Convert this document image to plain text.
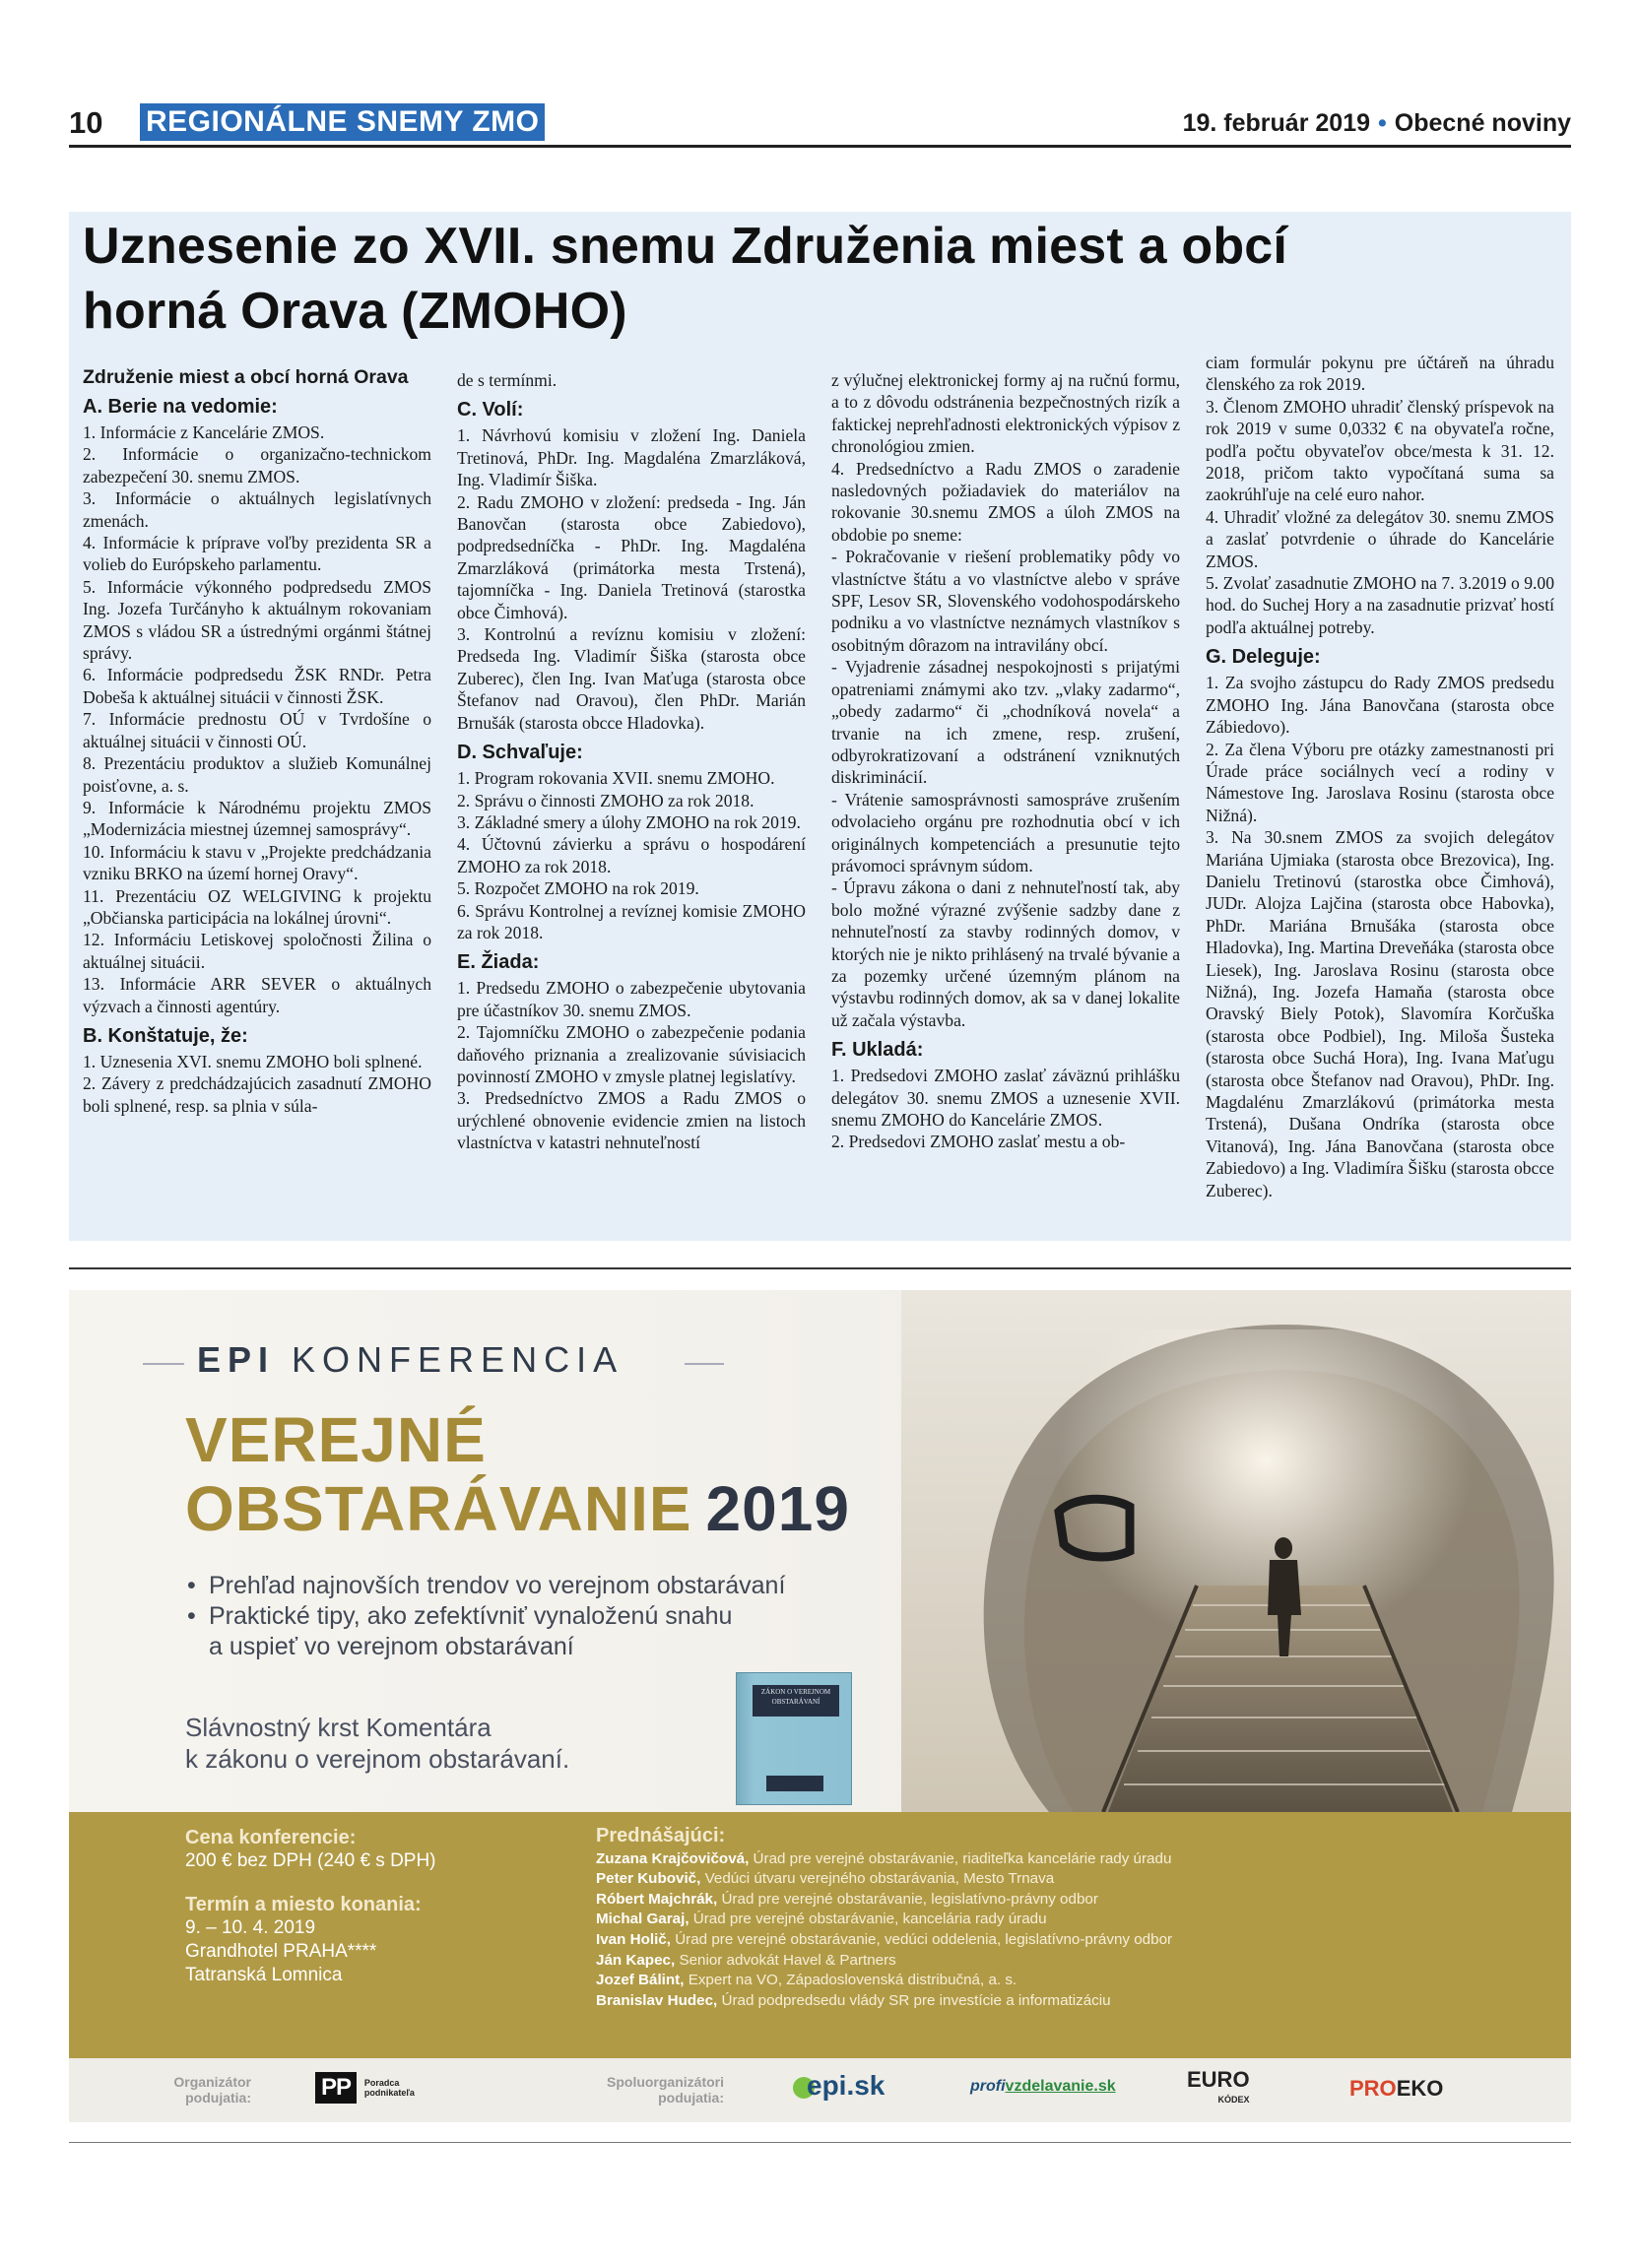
10 REGIONÁLNE SNEMY ZMO	19. február 2019 • Obecné noviny
Uznesenie zo XVII. snemu Združenia miest a obcí
horná Orava (ZMOHO)
Združenie miest a obcí horná Orava
A. Berie na vedomie:

1. Informácie z Kancelárie ZMOS.

2. Informácie o organizačno-technickom zabezpečení 30. snemu ZMOS.

3. Informácie o aktuálnych legislatívnych zmenách.

4. Informácie k príprave voľby prezidenta SR a volieb do Európskeho parlamentu.

5. Informácie výkonného podpredsedu ZMOS Ing. Jozefa Turčányho k aktuálnym rokovaniam ZMOS s vládou SR a ústrednými orgánmi štátnej správy.

6. Informácie podpredsedu ŽSK RNDr. Petra Dobeša k aktuálnej situácii v činnosti ŽSK.

7. Informácie prednostu OÚ v Tvrdošíne o aktuálnej situácii v činnosti OÚ.

8. Prezentáciu produktov a služieb Komunálnej poisťovne, a. s.

9. Informácie k Národnému projektu ZMOS „Modernizácia miestnej územnej samosprávy“.

10. Informáciu k stavu v „Projekte predchádzania vzniku BRKO na území hornej Oravy“.

11. Prezentáciu OZ WELGIVING k projektu „Občianska participácia na lokálnej úrovni“.

12. Informáciu Letiskovej spoločnosti Žilina o aktuálnej situácii.

13. Informácie ARR SEVER o aktuálnych výzvach a činnosti agentúry.

B. Konštatuje, že:

1. Uznesenia XVI. snemu ZMOHO boli splnené.

2. Závery z predchádzajúcich zasadnutí ZMOHO boli splnené, resp. sa plnia v súla-

de s termínmi.

C. Volí:

1. Návrhovú komisiu v zložení Ing. Daniela Tretinová, PhDr. Ing. Magdaléna Zmarzláková, Ing. Vladimír Šiška.

2. Radu ZMOHO v zložení: predseda - Ing. Ján Banovčan (starosta obce Zabiedovo), podpredsedníčka - PhDr. Ing. Magdaléna Zmarzláková (primátorka mesta Trstená), tajomníčka - Ing. Daniela Tretinová (starostka obce Čimhová).

3. Kontrolnú a revíznu komisiu v zložení: Predseda Ing. Vladimír Šiška (starosta obce Zuberec), člen Ing. Ivan Maťuga (starosta obce Štefanov nad Oravou), člen PhDr. Marián Brnušák (starosta obcce Hladovka).

D. Schvaľuje:

1. Program rokovania XVII. snemu ZMOHO.

2. Správu o činnosti ZMOHO za rok 2018.

3. Základné smery a úlohy ZMOHO na rok 2019.

4. Účtovnú závierku a správu o hospodárení ZMOHO za rok 2018.

5. Rozpočet ZMOHO na rok 2019.

6. Správu Kontrolnej a revíznej komisie ZMOHO za rok 2018.

E. Žiada:

1. Predsedu ZMOHO o zabezpečenie ubytovania pre účastníkov 30. snemu ZMOS.

2. Tajomníčku ZMOHO o zabezpečenie podania daňového priznania a zrealizovanie súvisiacich povinností ZMOHO v zmysle platnej legislatívy.

3. Predsedníctvo ZMOS a Radu ZMOS o urýchlené obnovenie evidencie zmien na listoch vlastníctva v katastri nehnuteľností

z výlučnej elektronickej formy aj na ručnú formu, a to z dôvodu odstránenia bezpečnostných rizík a faktickej neprehľadnosti elektronických výpisov z chronológiou zmien.

4. Predsedníctvo a Radu ZMOS o zaradenie nasledovných požiadaviek do materiálov na rokovanie 30.snemu ZMOS a úloh ZMOS na obdobie po sneme:

- Pokračovanie v riešení problematiky pôdy vo vlastníctve štátu a vo vlastníctve alebo v správe SPF, Lesov SR, Slovenského vodohospodárskeho podniku a vo vlastníctve neznámych vlastníkov s osobitným dôrazom na intravilány obcí.

- Vyjadrenie zásadnej nespokojnosti s prijatými opatreniami známymi ako tzv. „vlaky zadarmo“, „obedy zadarmo“ či „chodníková novela“ a trvanie na ich zmene, resp. zrušení, odbyrokratizovaní a odstránení vzniknutých diskriminácií.

- Vrátenie samosprávnosti samospráve zrušením odvolacieho orgánu pre rozhodnutia obcí v ich originálnych kompetenciách a presunutie tejto právomoci správnym súdom.

- Úpravu zákona o dani z nehnuteľností tak, aby bolo možné výrazné zvýšenie sadzby dane z nehnuteľností za stavby rodinných domov, v ktorých nie je nikto prihlásený na trvalé bývanie a za pozemky určené územným plánom na výstavbu rodinných domov, ak sa v danej lokalite už začala výstavba.

F. Ukladá:

1. Predsedovi ZMOHO zaslať záväznú prihlášku delegátov 30. snemu ZMOS a uznesenie XVII. snemu ZMOHO do Kancelárie ZMOS.

2. Predsedovi ZMOHO zaslať mestu a ob-

ciam formulár pokynu pre účtáreň na úhradu členského za rok 2019.

3. Členom ZMOHO uhradiť členský príspevok na rok 2019 v sume 0,0332 € na obyvateľa ročne, podľa počtu obyvateľov obce/mesta k 31. 12. 2018, pričom takto vypočítaná suma sa zaokrúhľuje na celé euro nahor.

4. Uhradiť vložné za delegátov 30. snemu ZMOS a zaslať potvrdenie o úhrade do Kancelárie ZMOS.

5. Zvolať zasadnutie ZMOHO na 7. 3.2019 o 9.00 hod. do Suchej Hory a na zasadnutie prizvať hostí podľa aktuálnej potreby.

G. Deleguje:

1. Za svojho zástupcu do Rady ZMOS predsedu ZMOHO Ing. Jána Banovčana (starosta obce Zábiedovo).

2. Za člena Výboru pre otázky zamestnanosti pri Úrade práce sociálnych vecí a rodiny v Námestove Ing. Jaroslava Rosinu (starosta obce Nižná).

3. Na 30.snem ZMOS za svojich delegátov Mariána Ujmiaka (starosta obce Brezovica), Ing. Danielu Tretinovú (starostka obce Čimhová), JUDr. Alojza Lajčina (starosta obce Habovka), PhDr. Mariána Brnušáka (starosta obce Hladovka), Ing. Martina Dreveňáka (starosta obce Liesek), Ing. Jaroslava Rosinu (starosta obce Nižná), Ing. Jozefa Hamaňa (starosta obce Oravský Biely Potok), Slavomíra Korčuška (starosta obce Podbiel), Ing. Miloša Šusteka (starosta obce Suchá Hora), Ing. Ivana Maťugu (starosta obce Štefanov nad Oravou), PhDr. Ing. Magdalénu Zmarzlákovú (primátorka mesta Trstená), Dušana Ondríka (starosta obce Vitanová), Ing. Jána Banovčana (starosta obce Zabiedovo) a Ing. Vladimíra Šišku (starosta obcce Zuberec).

EPI KONFERENCIA
VEREJNÉ
OBSTARÁVANIE 2019
• Prehľad najnovších trendov vo verejnom obstarávaní
• Praktické tipy, ako zefektívniť vynaloženú snahu a uspieť vo verejnom obstarávaní
Slávnostný krst Komentára
k zákonu o verejnom obstarávaní.
ZÁKON O VEREJNOM OBSTARÁVANÍ
Cena konferencie:
200 € bez DPH (240 € s DPH)
Termín a miesto konania:
9. – 10. 4. 2019
Grandhotel PRAHA****
Tatranská Lomnica
Prednášajúci:
Zuzana Krajčovičová, Úrad pre verejné obstarávanie, riaditeľka kancelárie rady úradu
Peter Kubovič, Vedúci útvaru verejného obstarávania, Mesto Trnava
Róbert Majchrák, Úrad pre verejné obstarávanie, legislatívno-právny odbor
Michal Garaj, Úrad pre verejné obstarávanie, kancelária rady úradu
Ivan Holič, Úrad pre verejné obstarávanie, vedúci oddelenia, legislatívno-právny odbor
Ján Kapec, Senior advokát Havel & Partners
Jozef Bálint, Expert na VO, Západoslovenská distribučná, a. s.
Branislav Hudec, Úrad podpredsedu vlády SR pre investície a informatizáciu
Organizátor
podujatia:	PP Poradca
podnikateľa
Spoluorganizátori
podujatia:	epi.sk	profivzdelavanie.sk	EURO

KÓDEX	PROEKO
